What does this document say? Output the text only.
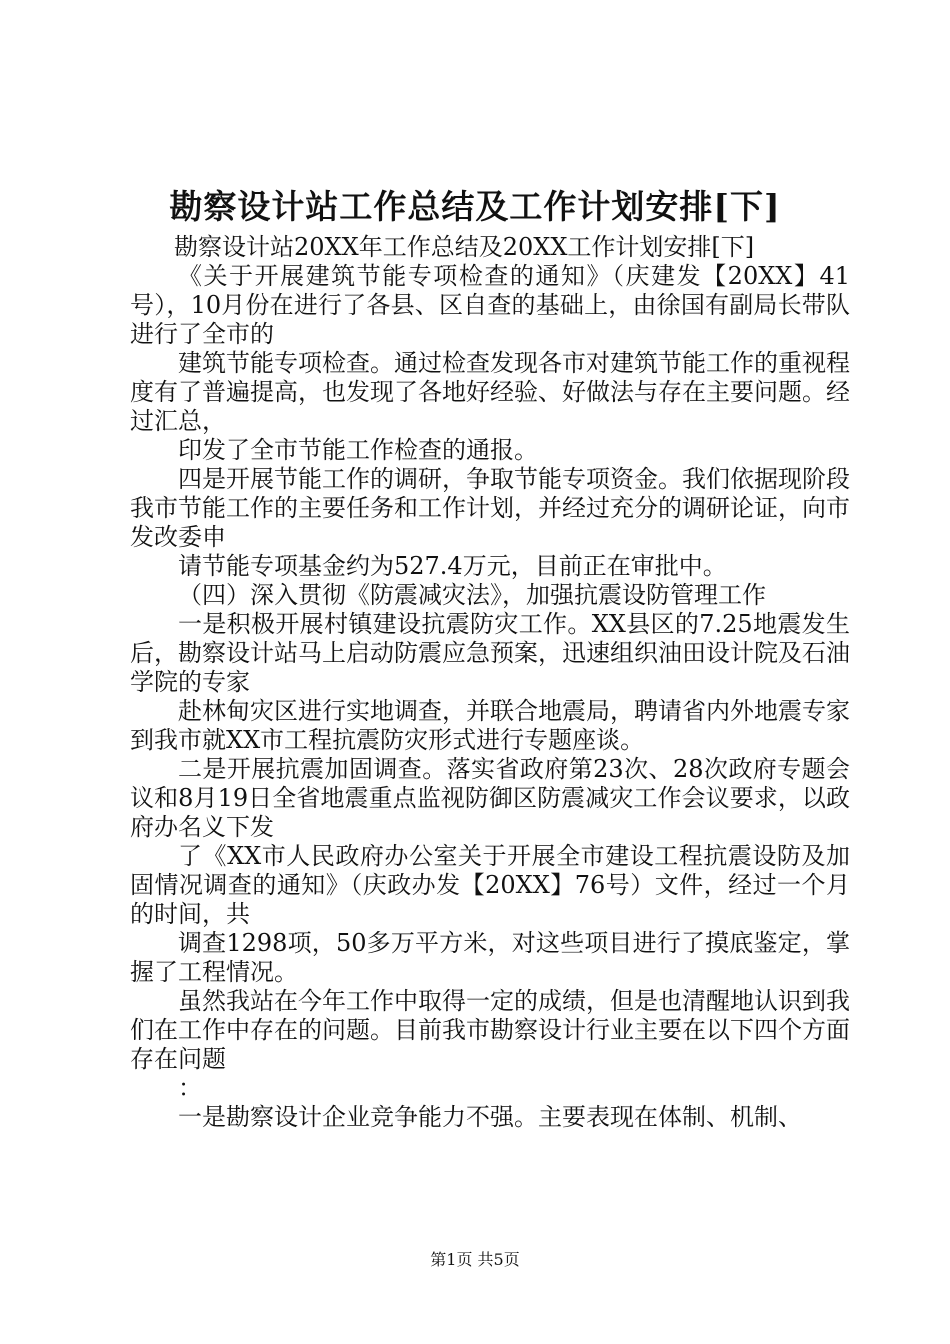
勘察设计站工作总结及工作计划安排[下]

勘察设计站20XX年工作总结及20XX工作计划安排[下]

《关于开展建筑节能专项检查的通知》（庆建发【20XX】41号），10月份在进行了各县、区自查的基础上，由徐国有副局长带队进行了全市的

建筑节能专项检查。通过检查发现各市对建筑节能工作的重视程度有了普遍提高，也发现了各地好经验、好做法与存在主要问题。经过汇总，

印发了全市节能工作检查的通报。

四是开展节能工作的调研，争取节能专项资金。我们依据现阶段我市节能工作的主要任务和工作计划，并经过充分的调研论证，向市发改委申

请节能专项基金约为527.4万元，目前正在审批中。

（四）深入贯彻《防震减灾法》，加强抗震设防管理工作

一是积极开展村镇建设抗震防灾工作。XX县区的7.25地震发生后，勘察设计站马上启动防震应急预案，迅速组织油田设计院及石油学院的专家

赴林甸灾区进行实地调查，并联合地震局，聘请省内外地震专家到我市就XX市工程抗震防灾形式进行专题座谈。

二是开展抗震加固调查。落实省政府第23次、28次政府专题会议和8月19日全省地震重点监视防御区防震减灾工作会议要求，以政府办名义下发

了《XX市人民政府办公室关于开展全市建设工程抗震设防及加固情况调查的通知》（庆政办发【20XX】76号）文件，经过一个月的时间，共

调查1298项，50多万平方米，对这些项目进行了摸底鉴定，掌握了工程情况。

虽然我站在今年工作中取得一定的成绩，但是也清醒地认识到我们在工作中存在的问题。目前我市勘察设计行业主要在以下四个方面存在问题

：

一是勘察设计企业竞争能力不强。主要表现在体制、机制、

第1页 共5页
